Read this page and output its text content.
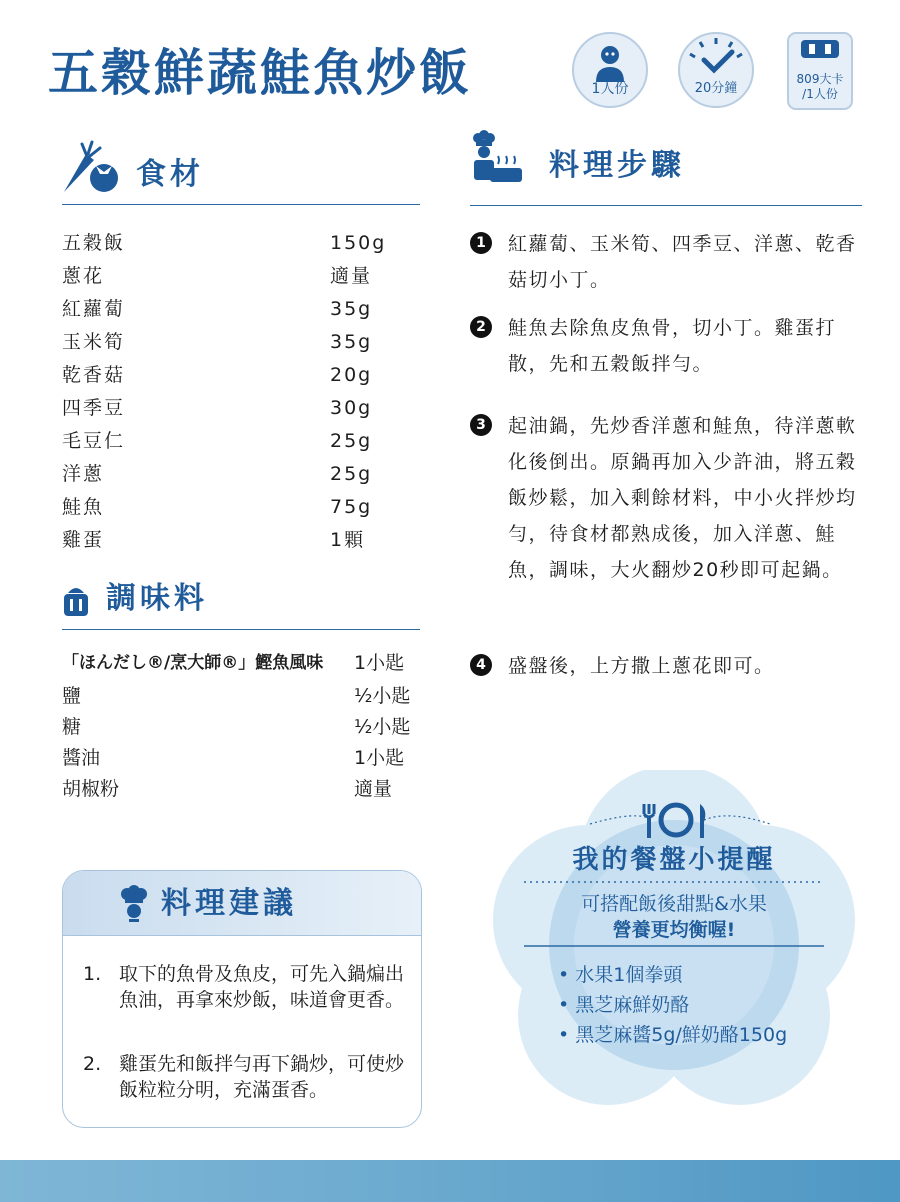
五穀鮮蔬鮭魚炒飯	1人份	20分鐘
809大卡
/1人份
食材
五穀飯	150g
蔥花	適量
紅蘿蔔	35g
玉米筍	35g
乾香菇	20g
四季豆	30g
毛豆仁	25g
洋蔥	25g
鮭魚	75g
雞蛋	1顆
調味料
「ほんだし®/烹大師®」鰹魚風味 1小匙
鹽	½小匙
糖	½小匙
醬油	1小匙
胡椒粉	適量
料理步驟
1	紅蘿蔔、玉米筍、四季豆、洋蔥、乾香菇切小丁。
2	鮭魚去除魚皮魚骨，切小丁。雞蛋打散，先和五穀飯拌勻。
3	起油鍋，先炒香洋蔥和鮭魚，待洋蔥軟化後倒出。原鍋再加入少許油，將五穀飯炒鬆，加入剩餘材料，中小火拌炒均勻，待食材都熟成後，加入洋蔥、鮭魚，調味，大火翻炒20秒即可起鍋。
4	盛盤後，上方撒上蔥花即可。
料理建議
1. 取下的魚骨及魚皮，可先入鍋煸出魚油，再拿來炒飯，味道會更香。
2. 雞蛋先和飯拌勻再下鍋炒，可使炒飯粒粒分明，充滿蛋香。
我的餐盤小提醒
可搭配飯後甜點&水果
營養更均衡喔!
• 水果1個拳頭
• 黑芝麻鮮奶酪
• 黑芝麻醬5g/鮮奶酪150g
